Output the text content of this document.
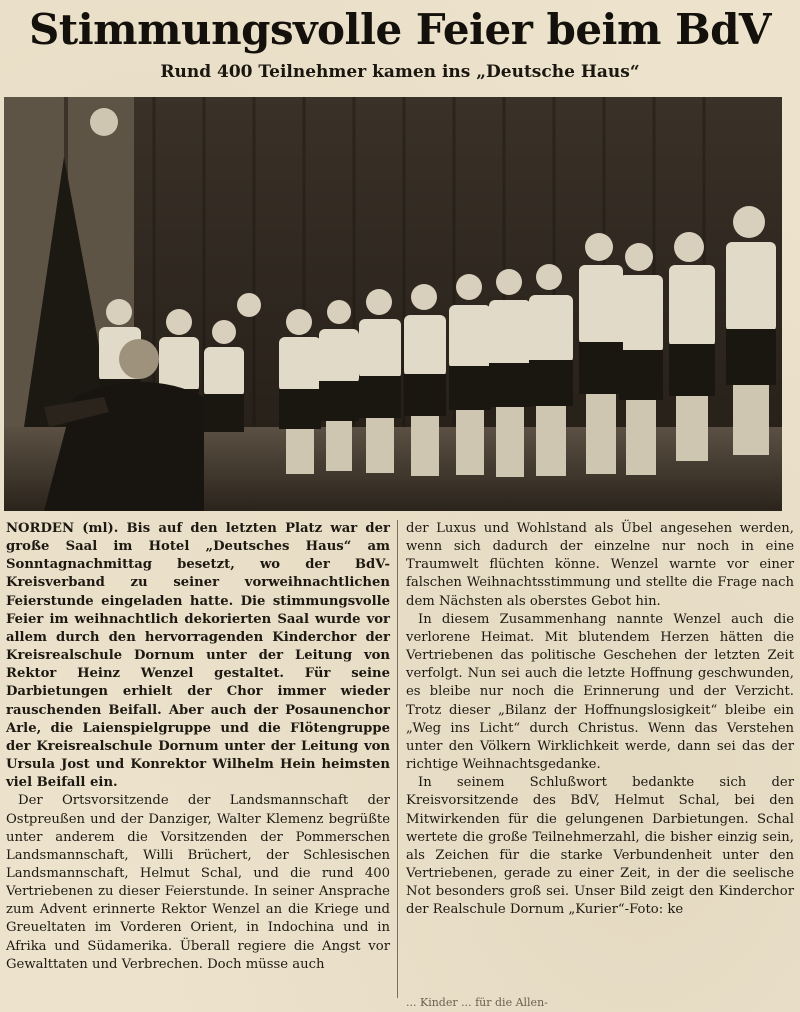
Stimmungsvolle Feier beim BdV
Rund 400 Teilnehmer kamen ins „Deutsche Haus“

NORDEN (ml). Bis auf den letzten Platz war der große Saal im Hotel „Deutsches Haus“ am Sonntagnachmittag besetzt, wo der BdV-Kreisverband zu seiner vorweihnachtlichen Feierstunde eingeladen hatte. Die stimmungsvolle Feier im weihnachtlich dekorierten Saal wurde vor allem durch den hervorragenden Kinderchor der Kreisrealschule Dornum unter der Leitung von Rektor Heinz Wenzel gestaltet. Für seine Darbietungen erhielt der Chor immer wieder rauschenden Beifall. Aber auch der Posaunenchor Arle, die Laienspielgruppe und die Flötengruppe der Kreisrealschule Dornum unter der Leitung von Ursula Jost und Konrektor Wilhelm Hein heimsten viel Beifall ein.

Der Ortsvorsitzende der Landsmannschaft der Ostpreußen und der Danziger, Walter Klemenz begrüßte unter anderem die Vorsitzenden der Pommerschen Landsmannschaft, Willi Brüchert, der Schlesischen Landsmannschaft, Helmut Schal, und die rund 400 Vertriebenen zu dieser Feierstunde. In seiner Ansprache zum Advent erinnerte Rektor Wenzel an die Kriege und Greueltaten im Vorderen Orient, in Indochina und in Afrika und Südamerika. Überall regiere die Angst vor Gewalttaten und Verbrechen. Doch müsse auch

der Luxus und Wohlstand als Übel angesehen werden, wenn sich dadurch der einzelne nur noch in eine Traumwelt flüchten könne. Wenzel warnte vor einer falschen Weihnachtsstimmung und stellte die Frage nach dem Nächsten als oberstes Gebot hin.

In diesem Zusammenhang nannte Wenzel auch die verlorene Heimat. Mit blutendem Herzen hätten die Vertriebenen das politische Geschehen der letzten Zeit verfolgt. Nun sei auch die letzte Hoffnung geschwunden, es bleibe nur noch die Erinnerung und der Verzicht. Trotz dieser „Bilanz der Hoffnungslosigkeit“ bleibe ein „Weg ins Licht“ durch Christus. Wenn das Verstehen unter den Völkern Wirklichkeit werde, dann sei das der richtige Weihnachtsgedanke.

In seinem Schlußwort bedankte sich der Kreisvorsitzende des BdV, Helmut Schal, bei den Mitwirkenden für die gelungenen Darbietungen. Schal wertete die große Teilnehmerzahl, die bisher einzig sein, als Zeichen für die starke Verbundenheit unter den Vertriebenen, gerade zu einer Zeit, in der die seelische Not besonders groß sei. Unser Bild zeigt den Kinderchor der Realschule Dornum „Kurier“-Foto: ke

... Kinder ... für die Allen-
